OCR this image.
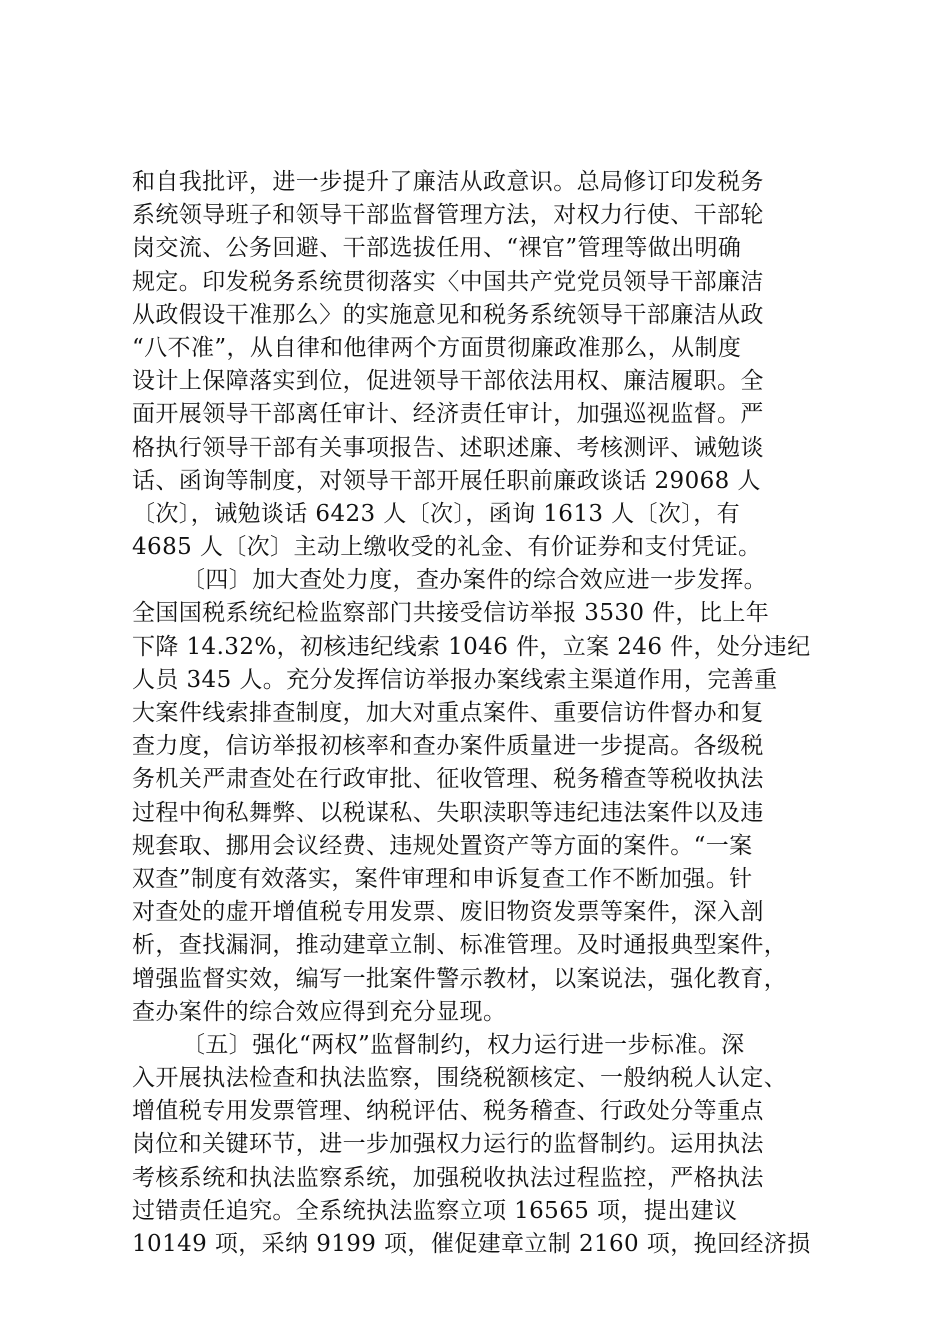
和自我批评，进一步提升了廉洁从政意识。总局修订印发税务
系统领导班子和领导干部监督管理方法，对权力行使、干部轮
岗交流、公务回避、干部选拔任用、“裸官”管理等做出明确
规定。印发税务系统贯彻落实〈中国共产党党员领导干部廉洁
从政假设干准那么〉的实施意见和税务系统领导干部廉洁从政
“八不准”，从自律和他律两个方面贯彻廉政准那么，从制度
设计上保障落实到位，促进领导干部依法用权、廉洁履职。全
面开展领导干部离任审计、经济责任审计，加强巡视监督。严
格执行领导干部有关事项报告、述职述廉、考核测评、诫勉谈
话、函询等制度，对领导干部开展任职前廉政谈话 29068 人
〔次〕，诫勉谈话 6423 人〔次〕，函询 1613 人〔次〕，有
4685 人〔次〕主动上缴收受的礼金、有价证券和支付凭证。
〔四〕加大查处力度，查办案件的综合效应进一步发挥。
全国国税系统纪检监察部门共接受信访举报 3530 件，比上年
下降 14.32%，初核违纪线索 1046 件，立案 246 件，处分违纪
人员 345 人。充分发挥信访举报办案线索主渠道作用，完善重
大案件线索排查制度，加大对重点案件、重要信访件督办和复
查力度，信访举报初核率和查办案件质量进一步提高。各级税
务机关严肃查处在行政审批、征收管理、税务稽查等税收执法
过程中徇私舞弊、以税谋私、失职渎职等违纪违法案件以及违
规套取、挪用会议经费、违规处置资产等方面的案件。“一案
双查”制度有效落实，案件审理和申诉复查工作不断加强。针
对查处的虚开增值税专用发票、废旧物资发票等案件，深入剖
析，查找漏洞，推动建章立制、标准管理。及时通报典型案件，
增强监督实效，编写一批案件警示教材，以案说法，强化教育，
查办案件的综合效应得到充分显现。
〔五〕强化“两权”监督制约，权力运行进一步标准。深
入开展执法检查和执法监察，围绕税额核定、一般纳税人认定、
增值税专用发票管理、纳税评估、税务稽查、行政处分等重点
岗位和关键环节，进一步加强权力运行的监督制约。运用执法
考核系统和执法监察系统，加强税收执法过程监控，严格执法
过错责任追究。全系统执法监察立项 16565 项，提出建议
10149 项，采纳 9199 项，催促建章立制 2160 项，挽回经济损
